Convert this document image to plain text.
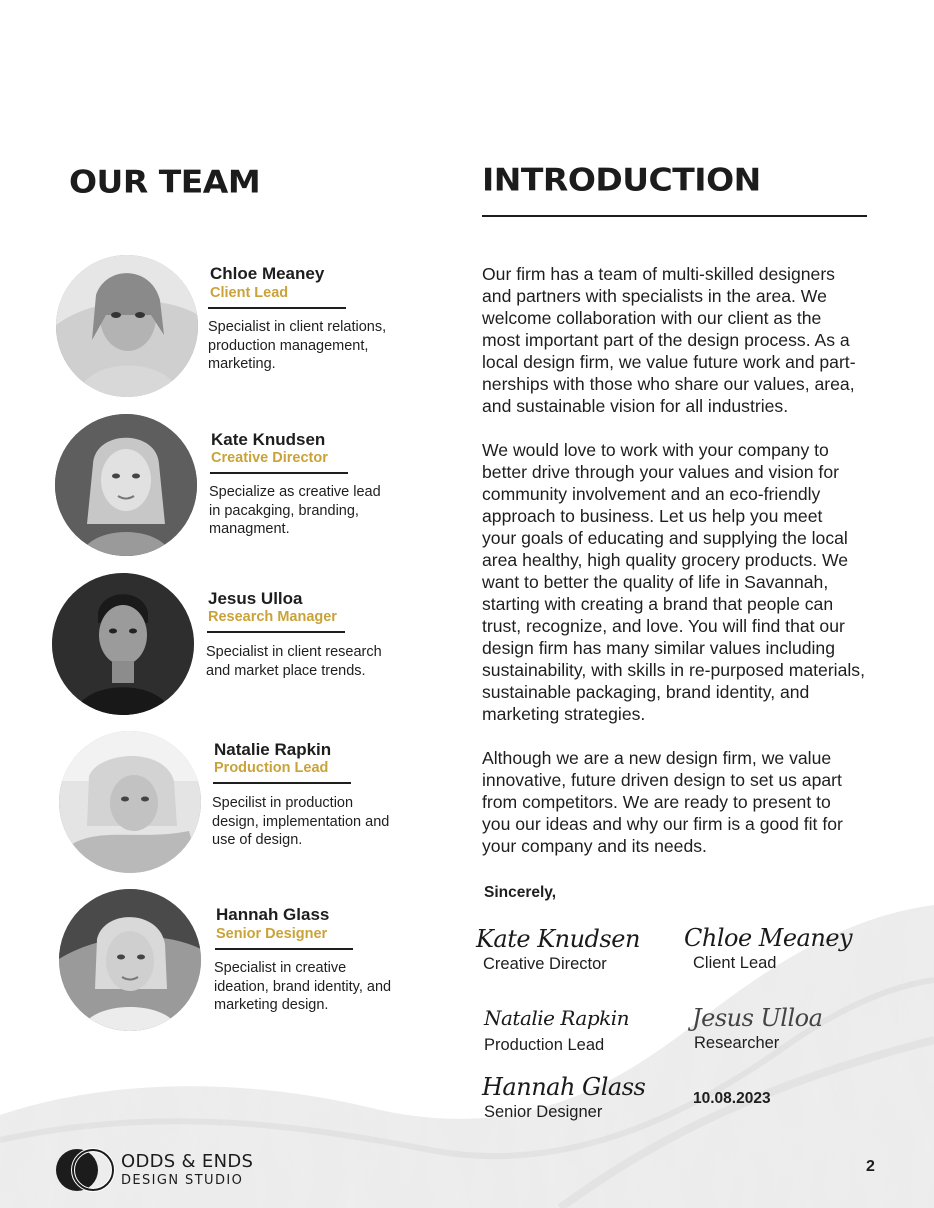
OUR TEAM	INTRODUCTION
Chloe Meaney
Client Lead
Specialist in client relations, production management, marketing.
Kate Knudsen
Creative Director
Specialize as creative lead in pacakging, branding, managment.
Jesus Ulloa
Research Manager
Specialist in client research and market place trends.
Natalie Rapkin
Production Lead
Specilist in production design, implementation and use of design.
Hannah Glass
Senior Designer
Specialist in creative ideation, brand identity, and marketing design.

Our firm has a team of multi-skilled designers
and partners with specialists in the area. We
welcome collaboration with our client as the
most important part of the design process. As a
local design firm, we value future work and part-
nerships with those who share our values, area,
and sustainable vision for all industries.

We would love to work with your company to
better drive through your values and vision for
community involvement and an eco-friendly
approach to business. Let us help you meet
your goals of educating and supplying the local
area healthy, high quality grocery products. We
want to better the quality of life in Savannah,
starting with creating a brand that people can
trust, recognize, and love. You will find that our
design firm has many similar values including
sustainability, with skills in re-purposed materials,
sustainable packaging, brand identity, and
marketing strategies.

Although we are a new design firm, we value
innovative, future driven design to set us apart
from competitors. We are ready to present to
you our ideas and why our firm is a good fit for
your company and its needs.

Sincerely,
Kate Knudsen
Creative Director
Chloe Meaney
Client Lead
Natalie Rapkin
Production Lead
Jesus Ulloa
Researcher
Hannah Glass
Senior Designer
10.08.2023
ODDS & ENDS
DESIGN STUDIO
2
